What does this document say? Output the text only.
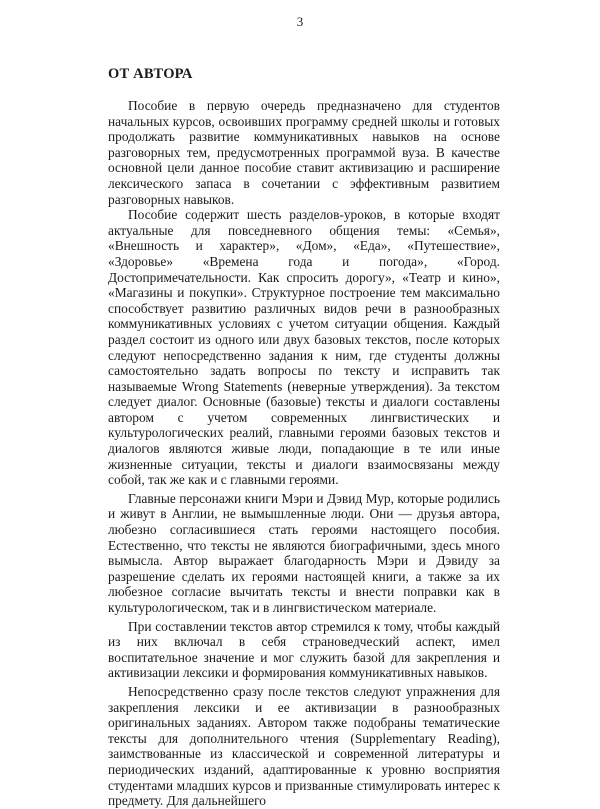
3
ОТ АВТОРА

Пособие в первую очередь предназначено для студентов начальных курсов, освоивших программу средней школы и готовых продолжать развитие коммуникативных навыков на основе разговорных тем, предусмотренных программой вуза. В качестве основной цели данное пособие ставит активизацию и расширение лексического запаса в сочетании с эффективным развитием разговорных навыков.

Пособие содержит шесть разделов-уроков, в которые входят актуальные для повседневного общения темы: «Семья», «Внешность и характер», «Дом», «Еда», «Путешествие», «Здоровье» «Времена года и погода», «Город. Достопримечательности. Как спросить дорогу», «Театр и кино», «Магазины и покупки». Структурное построение тем максимально способствует развитию различных видов речи в разнообразных коммуникативных условиях с учетом ситуации общения. Каждый раздел состоит из одного или двух базовых текстов, после которых следуют непосредственно задания к ним, где студенты должны самостоятельно задать вопросы по тексту и исправить так называемые Wrong Statements (неверные утверждения). За текстом следует диалог. Основные (базовые) тексты и диалоги составлены автором с учетом современных лингвистических и культурологических реалий, главными героями базовых текстов и диалогов являются живые люди, попадающие в те или иные жизненные ситуации, тексты и диалоги взаимосвязаны между собой, так же как и с главными героями.

Главные персонажи книги Мэри и Дэвид Мур, которые родились и живут в Англии, не вымышленные люди. Они — друзья автора, любезно согласившиеся стать героями настоящего пособия. Естественно, что тексты не являются биографичными, здесь много вымысла. Автор выражает благодарность Мэри и Дэвиду за разрешение сделать их героями настоящей книги, а также за их любезное согласие вычитать тексты и внести поправки как в культурологическом, так и в лингвистическом материале.

При составлении текстов автор стремился к тому, чтобы каждый из них включал в себя страноведческий аспект, имел воспитательное значение и мог служить базой для закрепления и активизации лексики и формирования коммуникативных навыков.

Непосредственно сразу после текстов следуют упражнения для закрепления лексики и ее активизации в разнообразных оригинальных заданиях. Автором также подобраны тематические тексты для дополнительного чтения (Supplementary Reading), заимствованные из классической и современной литературы и периодических изданий, адаптированные к уровню восприятия студентами младших курсов и призванные стимулировать интерес к предмету. Для дальнейшего
